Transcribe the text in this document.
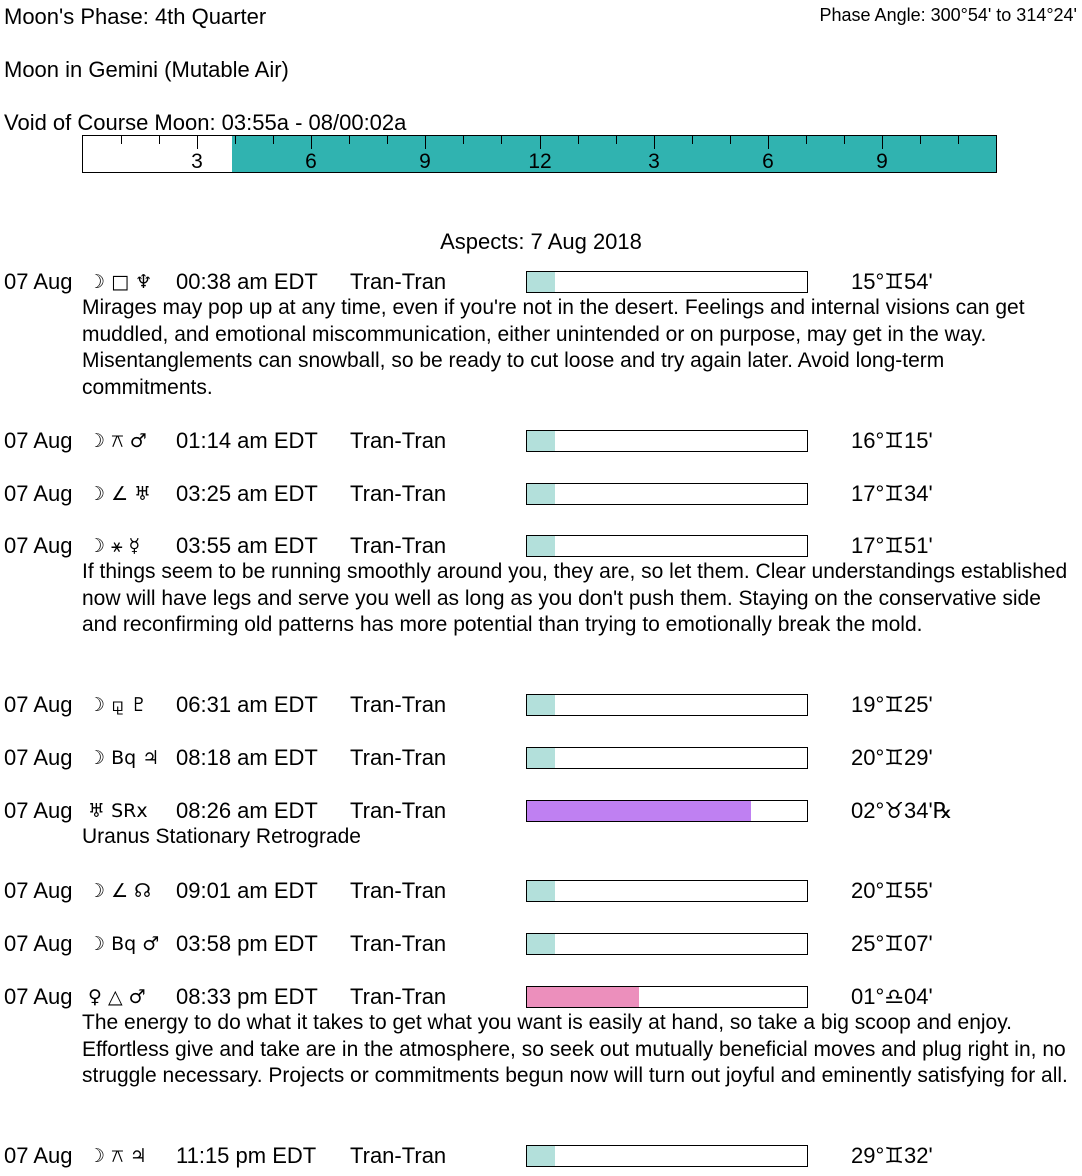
Moon's Phase: 4th Quarter	Phase Angle: 300°54' to 314°24'
Moon in Gemini (Mutable Air)
Void of Course Moon: 03:55a - 08/00:02a
3	6	9	12	3	6	9
Aspects: 7 Aug 2018
07 Aug ☽ □ ♆ 00:38 am EDT Tran-Tran	15°♊54'
Mirages may pop up at any time, even if you're not in the desert. Feelings and internal visions can get muddled, and emotional miscommunication, either unintended or on purpose, may get in the way. Misentanglements can snowball, so be ready to cut loose and try again later. Avoid long-term commitments.
07 Aug ☽ ⚻ ♂ 01:14 am EDT Tran-Tran	16°♊15'
07 Aug ☽ ∠ ♅ 03:25 am EDT Tran-Tran	17°♊34'
07 Aug ☽ ⚹ ☿ 03:55 am EDT Tran-Tran	17°♊51'
If things seem to be running smoothly around you, they are, so let them. Clear understandings established now will have legs and serve you well as long as you don't push them. Staying on the conservative side and reconfirming old patterns has more potential than trying to emotionally break the mold.
07 Aug ☽ ⚼ ♇ 06:31 am EDT Tran-Tran	19°♊25'
07 Aug ☽ Bq ♃ 08:18 am EDT Tran-Tran	20°♊29'
07 Aug ♅ SRx 08:26 am EDT Tran-Tran	02°♉34'℞
Uranus Stationary Retrograde
07 Aug ☽ ∠ ☊ 09:01 am EDT Tran-Tran	20°♊55'
07 Aug ☽ Bq ♂ 03:58 pm EDT Tran-Tran	25°♊07'
07 Aug ♀ △ ♂ 08:33 pm EDT Tran-Tran	01°♎04'
The energy to do what it takes to get what you want is easily at hand, so take a big scoop and enjoy. Effortless give and take are in the atmosphere, so seek out mutually beneficial moves and plug right in, no struggle necessary. Projects or commitments begun now will turn out joyful and eminently satisfying for all.
07 Aug ☽ ⚻ ♃ 11:15 pm EDT Tran-Tran	29°♊32'
